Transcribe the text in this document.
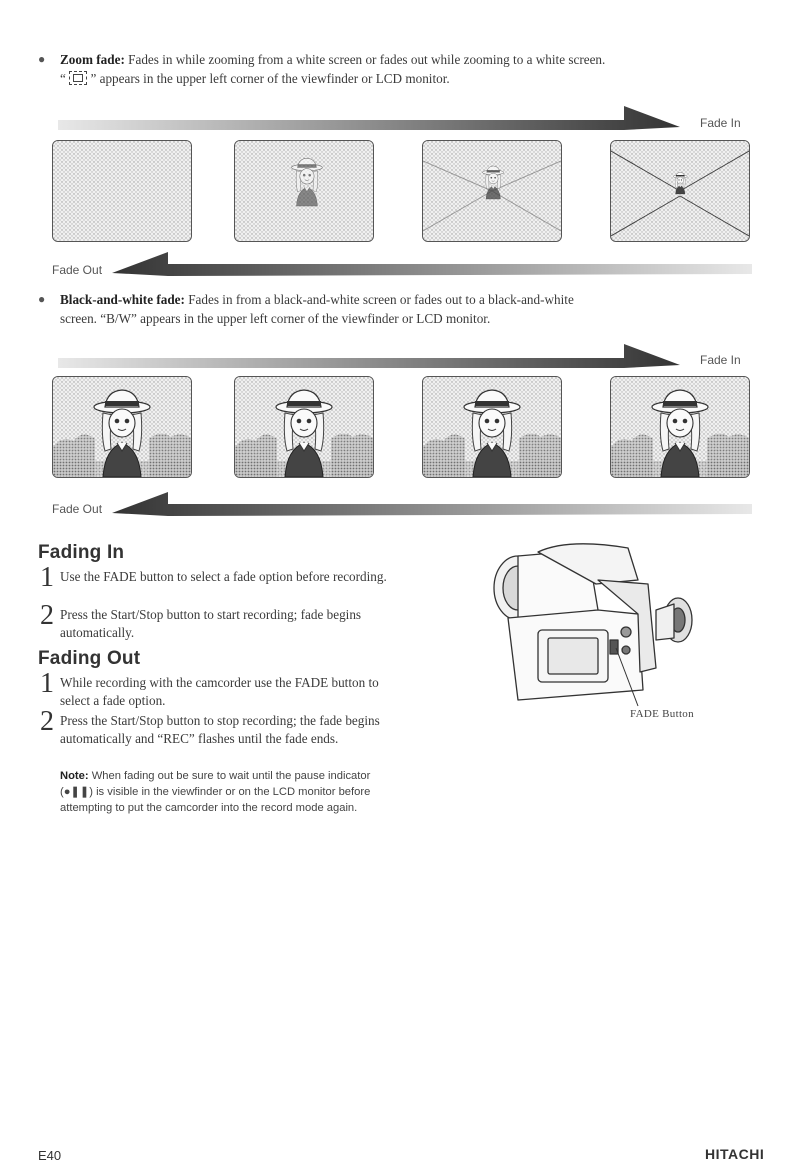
● Zoom fade: Fades in while zooming from a white screen or fades out while zooming to a white screen.
“ ” appears in the upper left corner of the viewfinder or LCD monitor.
Fade In
Fade Out
● Black-and-white fade: Fades in from a black-and-white screen or fades out to a black-and-white
screen. “B/W” appears in the upper left corner of the viewfinder or LCD monitor.
Fade In
Fade Out
Fading In
1 Use the FADE button to select a fade option before recording.
2 Press the Start/Stop button to start recording; fade begins automatically.
Fading Out
1 While recording with the camcorder use the FADE button to select a fade option.
2 Press the Start/Stop button to stop recording; the fade begins automatically and “REC” flashes until the fade ends.
Note: When fading out be sure to wait until the pause indicator (●❚❚) is visible in the viewfinder or on the LCD monitor before attempting to put the camcorder into the record mode again.
FADE Button
E40	HITACHI
